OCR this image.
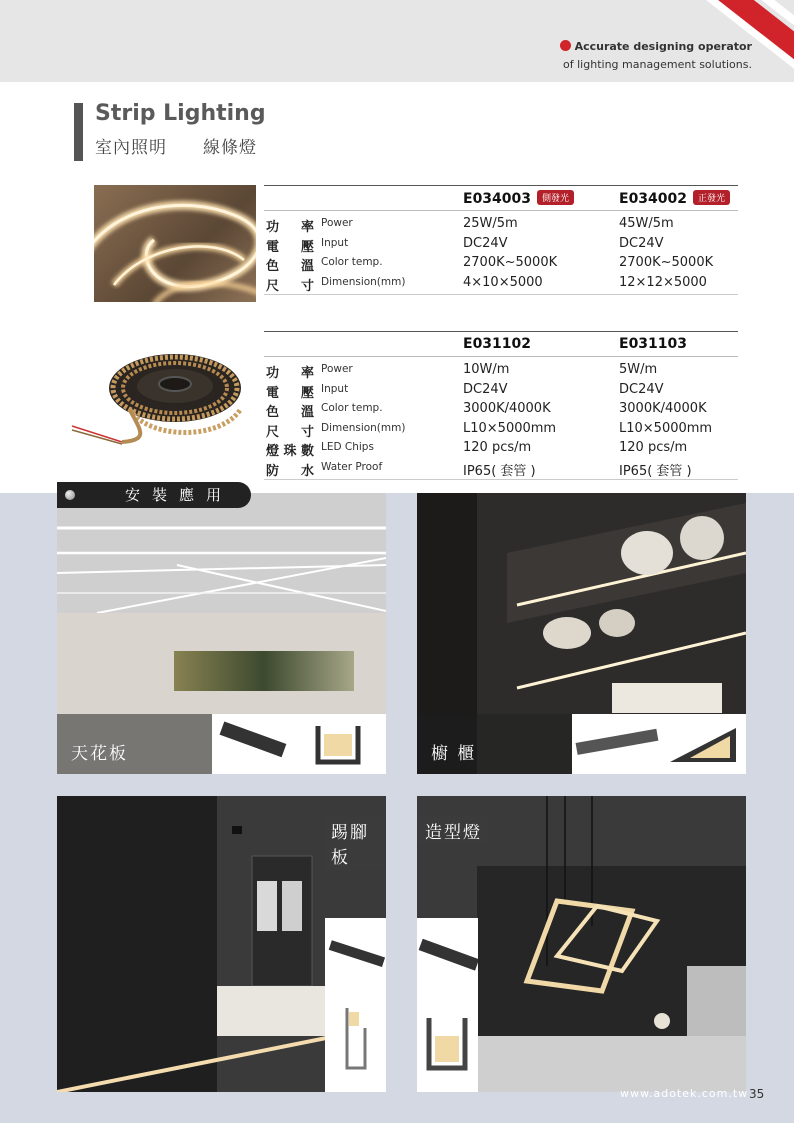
Accurate designing operator
of lighting management solutions.
Strip Lighting
室內照明 線條燈
E034003 側發光	E034002 正發光
功 率 Power	25W/5m	45W/5m
電 壓 Input	DC24V	DC24V
色 溫 Color temp.	2700K~5000K	2700K~5000K
尺 寸 Dimension(mm)	4×10×5000	12×12×5000
E031102	E031103
功 率 Power	10W/m	5W/m
電 壓 Input	DC24V	DC24V
色 溫 Color temp.	3000K/4000K	3000K/4000K
尺 寸 Dimension(mm)	L10×5000mm	L10×5000mm
燈 珠 數 LED Chips	120 pcs/m	120 pcs/m
防 水 Water Proof	IP65( 套管 )	IP65( 套管 )
天花板	櫥 櫃
安裝應用
踢腳板
造型燈
www.adotek.com.tw 35
